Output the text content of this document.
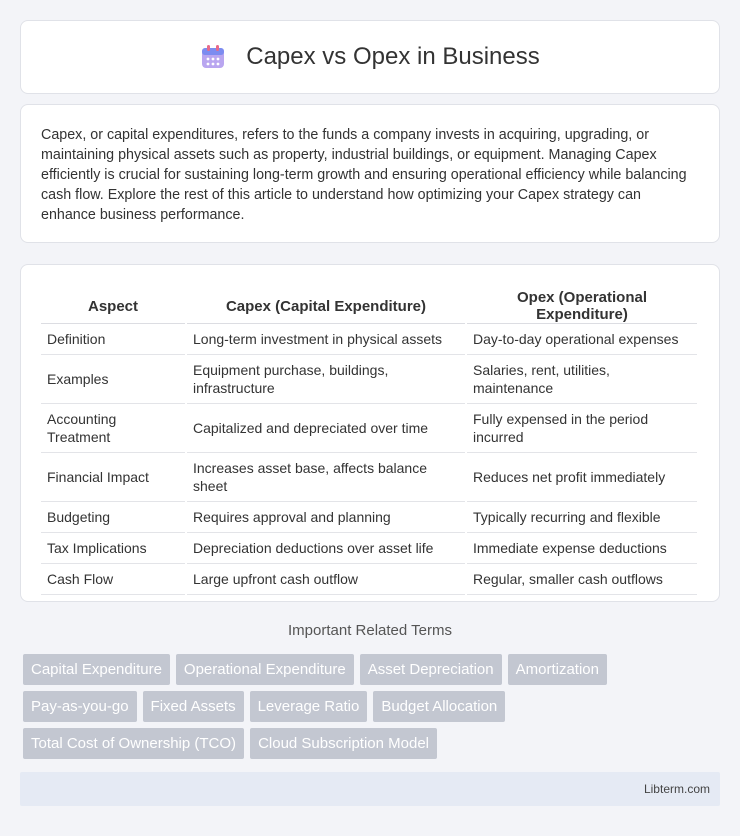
Capex vs Opex in Business

Capex, or capital expenditures, refers to the funds a company invests in acquiring, upgrading, or maintaining physical assets such as property, industrial buildings, or equipment. Managing Capex efficiently is crucial for sustaining long-term growth and ensuring operational efficiency while balancing cash flow. Explore the rest of this article to understand how optimizing your Capex strategy can enhance business performance.

Aspect	Capex (Capital Expenditure)	Opex (Operational Expenditure)
Definition	Long-term investment in physical assets	Day-to-day operational expenses
Examples	Equipment purchase, buildings, infrastructure	Salaries, rent, utilities, maintenance
Accounting Treatment	Capitalized and depreciated over time	Fully expensed in the period incurred
Financial Impact	Increases asset base, affects balance sheet	Reduces net profit immediately
Budgeting	Requires approval and planning	Typically recurring and flexible
Tax Implications	Depreciation deductions over asset life	Immediate expense deductions
Cash Flow	Large upfront cash outflow	Regular, smaller cash outflows
Important Related Terms
Capital Expenditure	Operational Expenditure	Asset Depreciation	Amortization
Pay-as-you-go	Fixed Assets	Leverage Ratio	Budget Allocation
Total Cost of Ownership (TCO)	Cloud Subscription Model
Libterm.com
